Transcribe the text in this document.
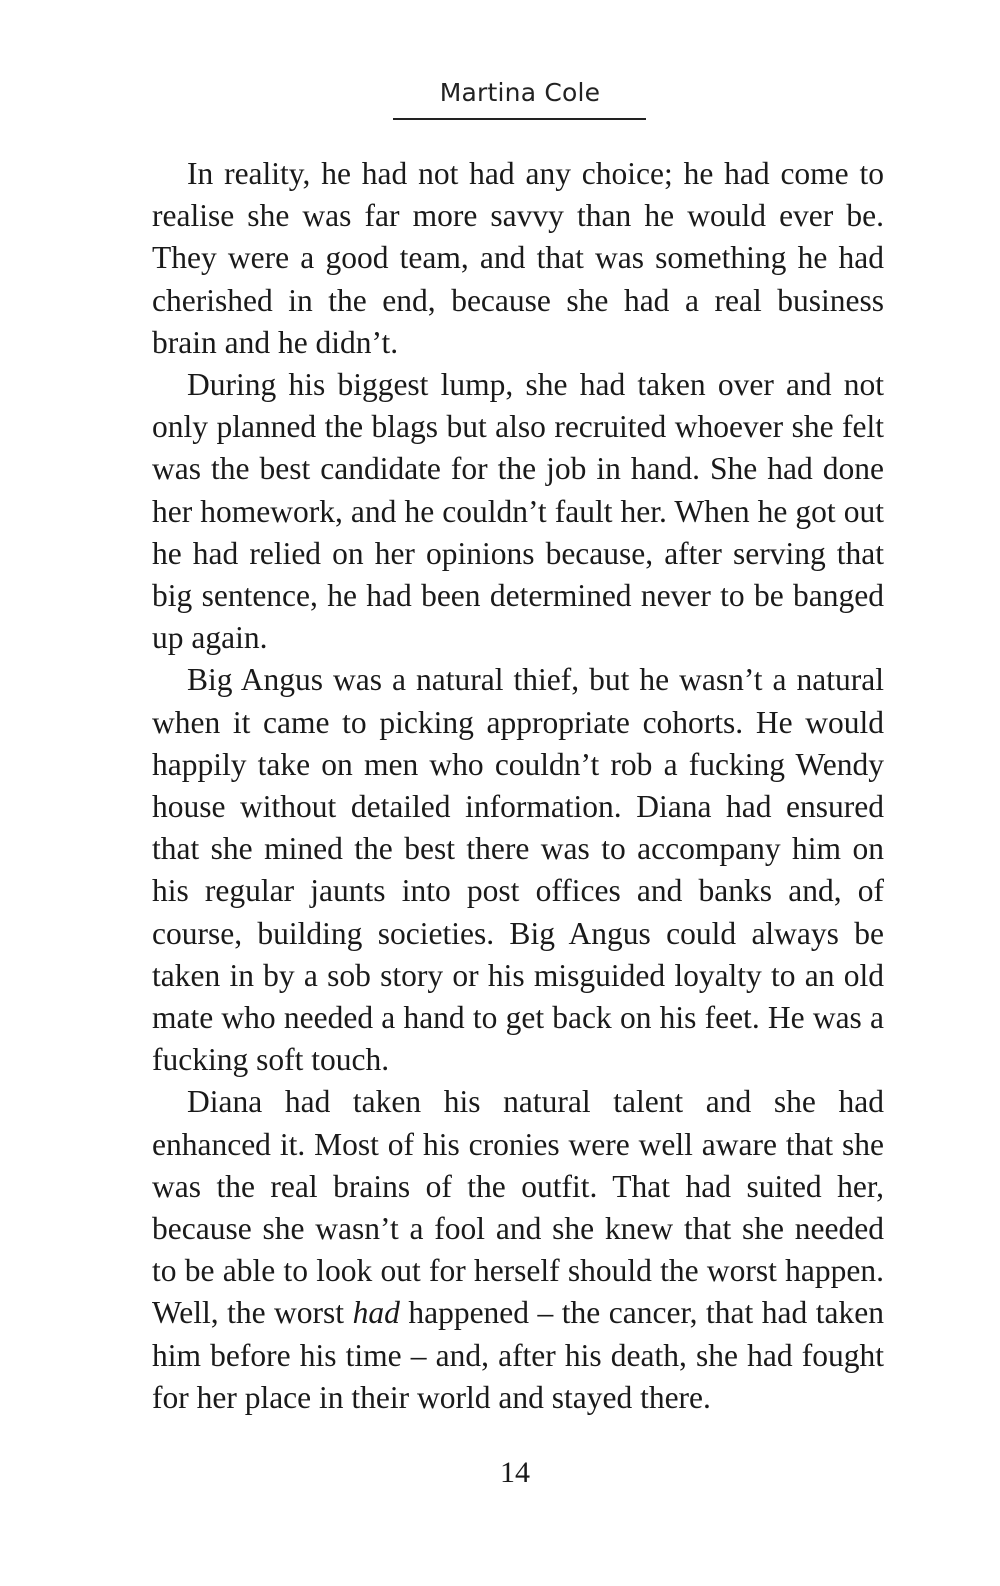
Martina Cole

In reality, he had not had any choice; he had come to realise she was far more savvy than he would ever be. They were a good team, and that was something he had cherished in the end, because she had a real business brain and he didn’t.

During his biggest lump, she had taken over and not only planned the blags but also recruited whoever she felt was the best candidate for the job in hand. She had done her homework, and he couldn’t fault her. When he got out he had relied on her opinions because, after serving that big sentence, he had been determined never to be banged up again.

Big Angus was a natural thief, but he wasn’t a natural when it came to picking appropriate cohorts. He would happily take on men who couldn’t rob a fucking Wendy house without detailed information. Diana had ensured that she mined the best there was to accompany him on his regular jaunts into post offices and banks and, of course, building societies. Big Angus could always be taken in by a sob story or his misguided loyalty to an old mate who needed a hand to get back on his feet. He was a fucking soft touch.

Diana had taken his natural talent and she had enhanced it. Most of his cronies were well aware that she was the real brains of the outfit. That had suited her, because she wasn’t a fool and she knew that she needed to be able to look out for herself should the worst happen. Well, the worst had happened – the cancer, that had taken him before his time – and, after his death, she had fought for her place in their world and stayed there.

14
